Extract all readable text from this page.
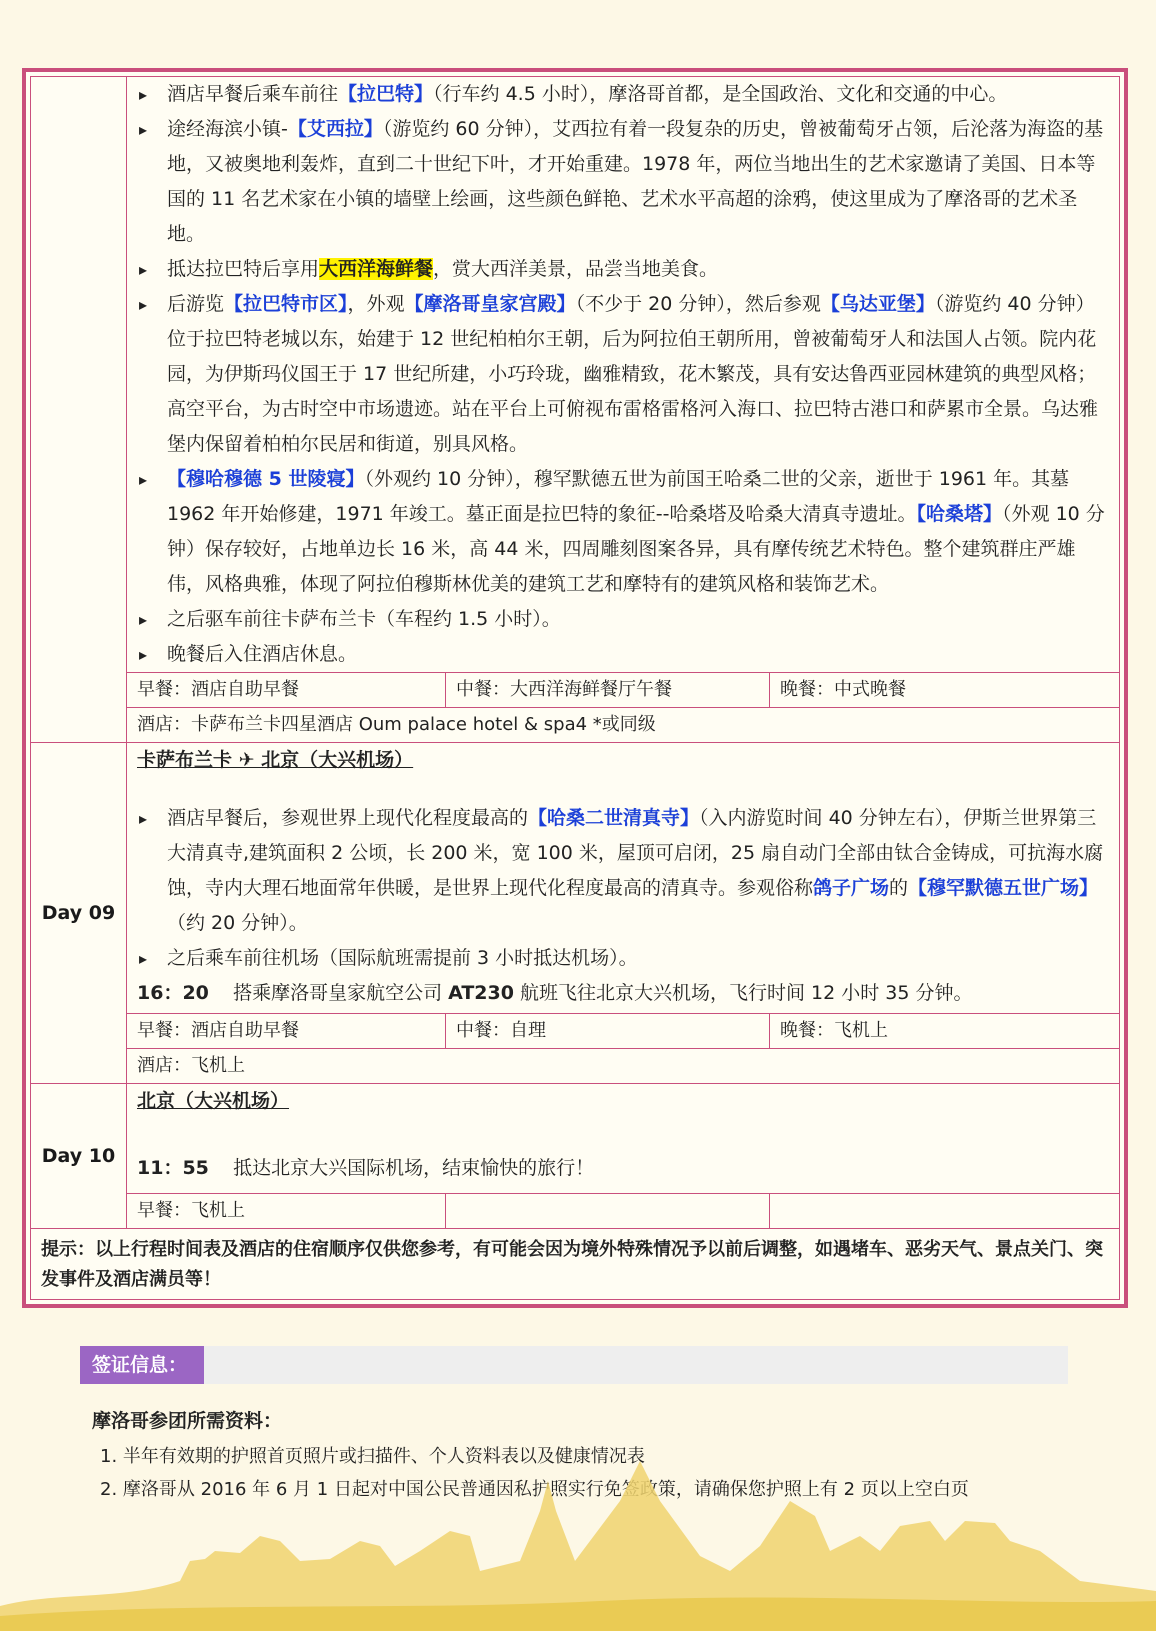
▸ 酒店早餐后乘车前往【拉巴特】（行车约 4.5 小时），摩洛哥首都，是全国政治、文化和交通的中心。
▸ 途经海滨小镇-【艾西拉】（游览约 60 分钟），艾西拉有着一段复杂的历史，曾被葡萄牙占领，后沦落为海盗的基地，又被奥地利轰炸，直到二十世纪下叶，才开始重建。1978 年，两位当地出生的艺术家邀请了美国、日本等国的 11 名艺术家在小镇的墙壁上绘画，这些颜色鲜艳、艺术水平高超的涂鸦，使这里成为了摩洛哥的艺术圣地。
▸ 抵达拉巴特后享用大西洋海鲜餐，赏大西洋美景，品尝当地美食。
▸ 后游览【拉巴特市区】，外观【摩洛哥皇家宫殿】（不少于 20 分钟），然后参观【乌达亚堡】（游览约 40 分钟）位于拉巴特老城以东，始建于 12 世纪柏柏尔王朝，后为阿拉伯王朝所用，曾被葡萄牙人和法国人占领。院内花园，为伊斯玛仪国王于 17 世纪所建，小巧玲珑，幽雅精致，花木繁茂，具有安达鲁西亚园林建筑的典型风格；高空平台，为古时空中市场遗迹。站在平台上可俯视布雷格雷格河入海口、拉巴特古港口和萨累市全景。乌达雅堡内保留着柏柏尔民居和街道，别具风格。
▸ 【穆哈穆德 5 世陵寝】（外观约 10 分钟），穆罕默德五世为前国王哈桑二世的父亲，逝世于 1961 年。其墓 1962 年开始修建，1971 年竣工。墓正面是拉巴特的象征--哈桑塔及哈桑大清真寺遗址。【哈桑塔】（外观 10 分钟）保存较好，占地单边长 16 米，高 44 米，四周雕刻图案各异，具有摩传统艺术特色。整个建筑群庄严雄伟，风格典雅，体现了阿拉伯穆斯林优美的建筑工艺和摩特有的建筑风格和装饰艺术。
▸ 之后驱车前往卡萨布兰卡（车程约 1.5 小时）。
▸ 晚餐后入住酒店休息。
早餐：酒店自助早餐	中餐：大西洋海鲜餐厅午餐	晚餐：中式晚餐
酒店：卡萨布兰卡四星酒店 Oum palace hotel & spa4 *或同级
Day 09
卡萨布兰卡 ✈ 北京（大兴机场）
▸ 酒店早餐后，参观世界上现代化程度最高的【哈桑二世清真寺】（入内游览时间 40 分钟左右），伊斯兰世界第三大清真寺,建筑面积 2 公顷，长 200 米，宽 100 米，屋顶可启闭，25 扇自动门全部由钛合金铸成，可抗海水腐蚀，寺内大理石地面常年供暖，是世界上现代化程度最高的清真寺。参观俗称鸽子广场的【穆罕默德五世广场】（约 20 分钟）。
▸ 之后乘车前往机场（国际航班需提前 3 小时抵达机场）。
16：20 搭乘摩洛哥皇家航空公司 AT230 航班飞往北京大兴机场，飞行时间 12 小时 35 分钟。
早餐：酒店自助早餐	中餐：自理	晚餐：飞机上
酒店：飞机上
Day 10
北京（大兴机场）
11：55 抵达北京大兴国际机场，结束愉快的旅行！
早餐：飞机上
提示：以上行程时间表及酒店的住宿顺序仅供您参考，有可能会因为境外特殊情况予以前后调整，如遇堵车、恶劣天气、景点关门、突发事件及酒店满员等！
签证信息：
摩洛哥参团所需资料：
1. 半年有效期的护照首页照片或扫描件、个人资料表以及健康情况表
2. 摩洛哥从 2016 年 6 月 1 日起对中国公民普通因私护照实行免签政策，请确保您护照上有 2 页以上空白页
